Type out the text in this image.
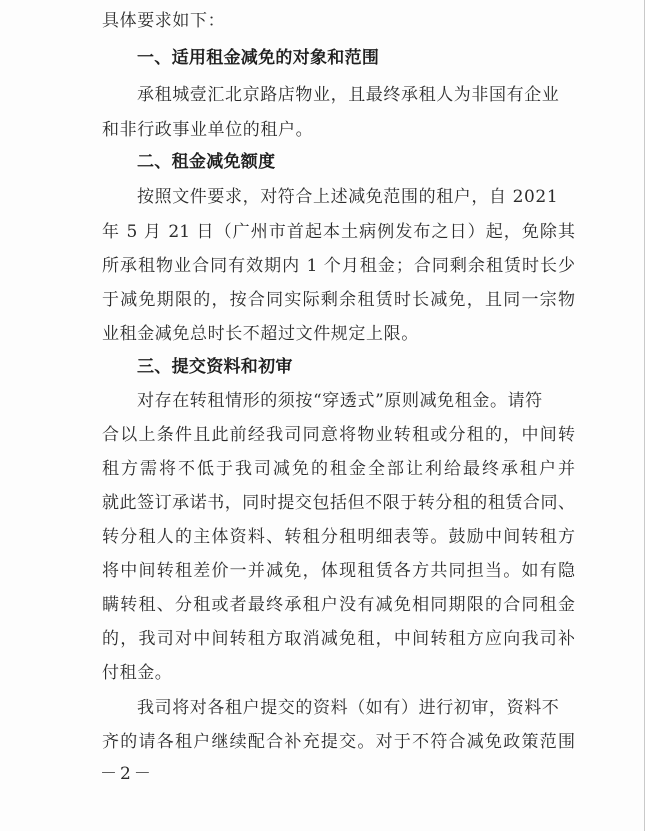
具体要求如下：
一、适用租金减免的对象和范围
承租城壹汇北京路店物业，且最终承租人为非国有企业
和非行政事业单位的租户。
二、租金减免额度
按照文件要求，对符合上述减免范围的租户，自 2021
年 5 月 21 日（广州市首起本土病例发布之日）起，免除其
所承租物业合同有效期内 1 个月租金；合同剩余租赁时长少
于减免期限的，按合同实际剩余租赁时长减免，且同一宗物
业租金减免总时长不超过文件规定上限。
三、提交资料和初审
对存在转租情形的须按“穿透式”原则减免租金。请符
合以上条件且此前经我司同意将物业转租或分租的，中间转
租方需将不低于我司减免的租金全部让利给最终承租户并
就此签订承诺书，同时提交包括但不限于转分租的租赁合同、
转分租人的主体资料、转租分租明细表等。鼓励中间转租方
将中间转租差价一并减免，体现租赁各方共同担当。如有隐
瞒转租、分租或者最终承租户没有减免相同期限的合同租金
的，我司对中间转租方取消减免租，中间转租方应向我司补
付租金。
我司将对各租户提交的资料（如有）进行初审，资料不
齐的请各租户继续配合补充提交。对于不符合减免政策范围
－2－
